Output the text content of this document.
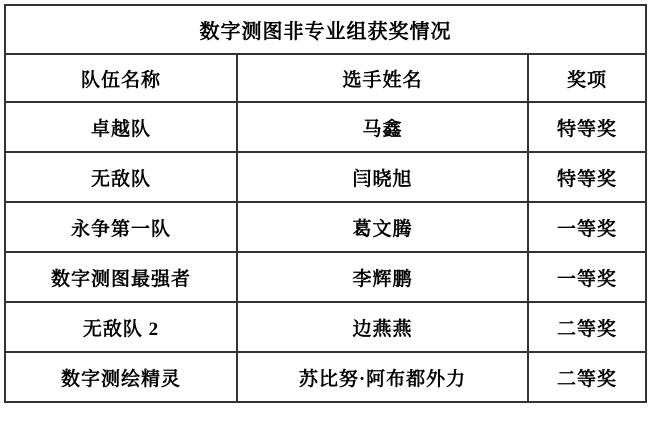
数字测图非专业组获奖情况		
队伍名称	选手姓名	奖项
卓越队	马鑫	特等奖
无敌队	闫晓旭	特等奖
永争第一队	葛文腾	一等奖
数字测图最强者	李辉鹏	一等奖
无敌队 2	边燕燕	二等奖
数字测绘精灵	苏比努·阿布都外力	二等奖
